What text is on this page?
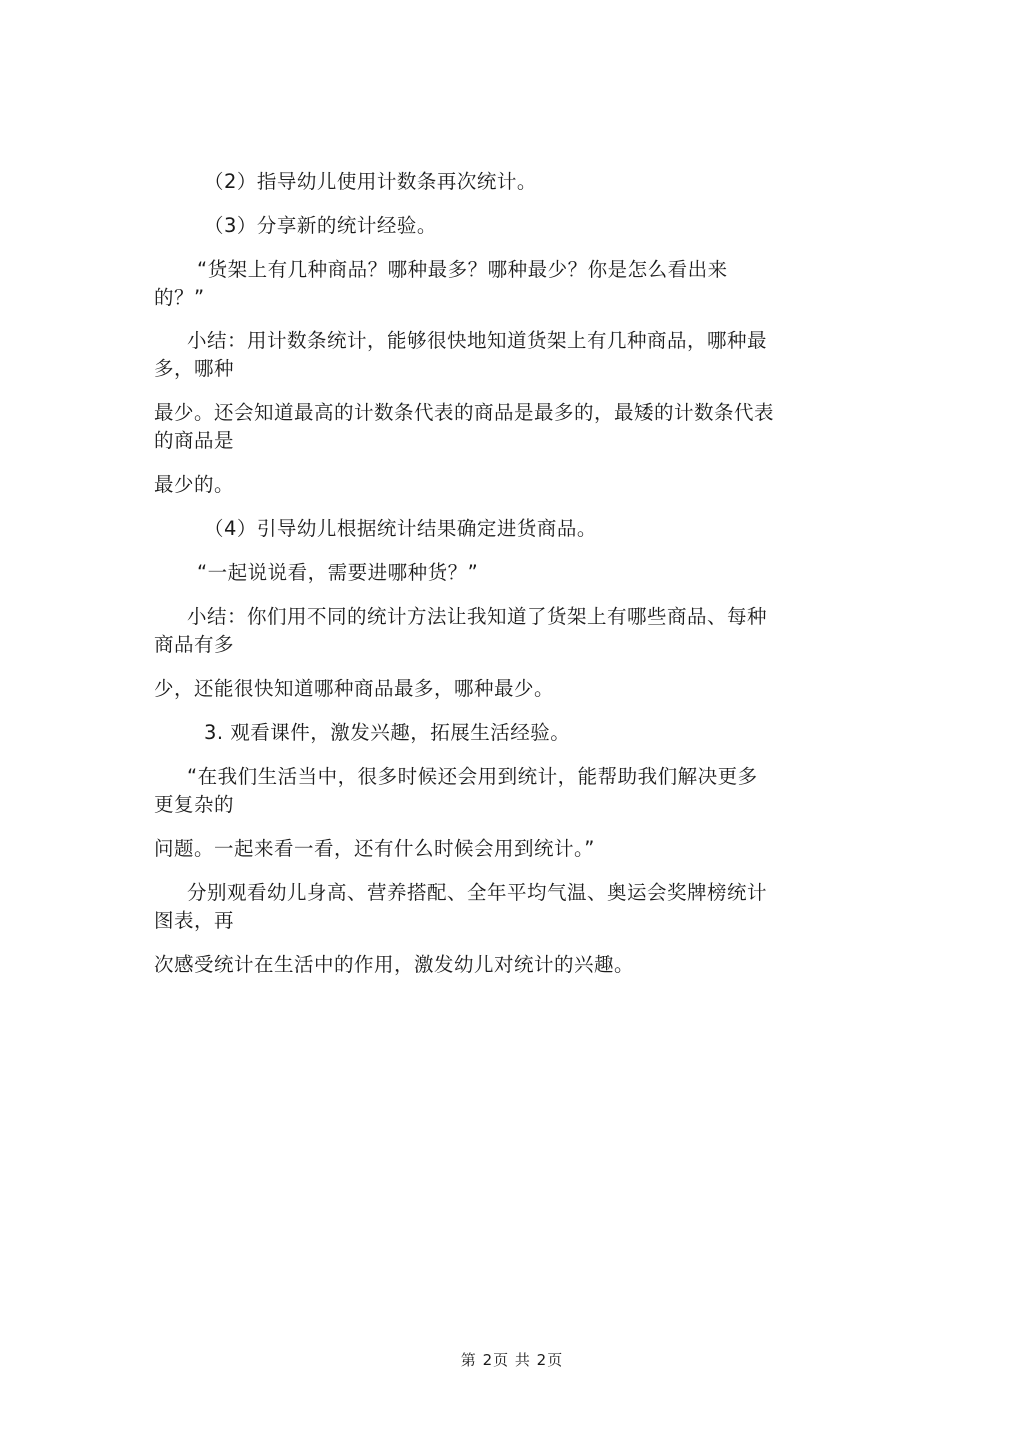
（2）指导幼儿使用计数条再次统计。
（3）分享新的统计经验。
“货架上有几种商品？哪种最多？哪种最少？你是怎么看出来
的？”
小结：用计数条统计，能够很快地知道货架上有几种商品，哪种最
多，哪种
最少。还会知道最高的计数条代表的商品是最多的，最矮的计数条代表
的商品是
最少的。
（4）引导幼儿根据统计结果确定进货商品。
“一起说说看，需要进哪种货？”
小结：你们用不同的统计方法让我知道了货架上有哪些商品、每种
商品有多
少，还能很快知道哪种商品最多，哪种最少。
3. 观看课件，激发兴趣，拓展生活经验。
“在我们生活当中，很多时候还会用到统计，能帮助我们解决更多
更复杂的
问题。一起来看一看，还有什么时候会用到统计。”
分别观看幼儿身高、营养搭配、全年平均气温、奥运会奖牌榜统计
图表，再
次感受统计在生活中的作用，激发幼儿对统计的兴趣。
第 2页 共 2页
